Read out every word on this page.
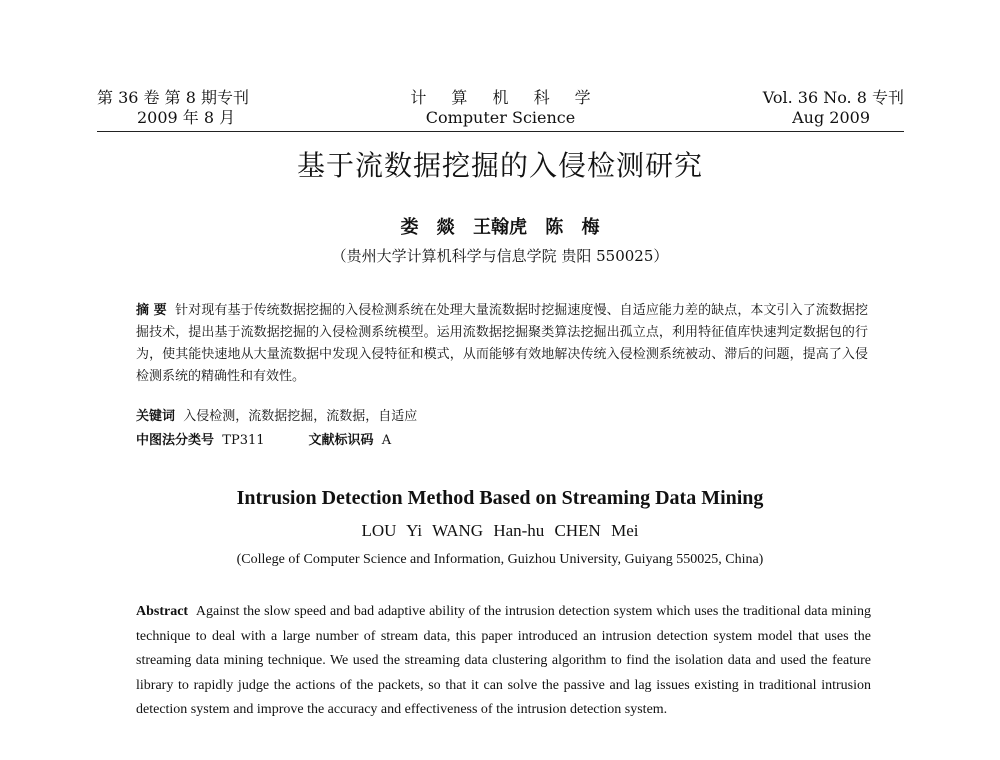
第 36 卷 第 8 期专刊
2009 年 8 月
计 算 机 科 学
Computer Science
Vol. 36 No. 8 专刊
Aug 2009
基于流数据挖掘的入侵检测研究
娄 燚 王翰虎 陈 梅
（贵州大学计算机科学与信息学院 贵阳 550025）
摘 要 针对现有基于传统数据挖掘的入侵检测系统在处理大量流数据时挖掘速度慢、自适应能力差的缺点，本文引入了流数据挖掘技术，提出基于流数据挖掘的入侵检测系统模型。运用流数据挖掘聚类算法挖掘出孤立点，利用特征值库快速判定数据包的行为，使其能快速地从大量流数据中发现入侵特征和模式，从而能够有效地解决传统入侵检测系统被动、滞后的问题，提高了入侵检测系统的精确性和有效性。
关键词 入侵检测，流数据挖掘，流数据，自适应
中图法分类号 TP311	文献标识码 A
Intrusion Detection Method Based on Streaming Data Mining
LOU Yi WANG Han-hu CHEN Mei
(College of Computer Science and Information, Guizhou University, Guiyang 550025, China)
Abstract Against the slow speed and bad adaptive ability of the intrusion detection system which uses the traditional data mining technique to deal with a large number of stream data, this paper introduced an intrusion detection system model that uses the streaming data mining technique. We used the streaming data clustering algorithm to find the isolation data and used the feature library to rapidly judge the actions of the packets, so that it can solve the passive and lag issues existing in traditional intrusion detection system and improve the accuracy and effectiveness of the intrusion detection system.
